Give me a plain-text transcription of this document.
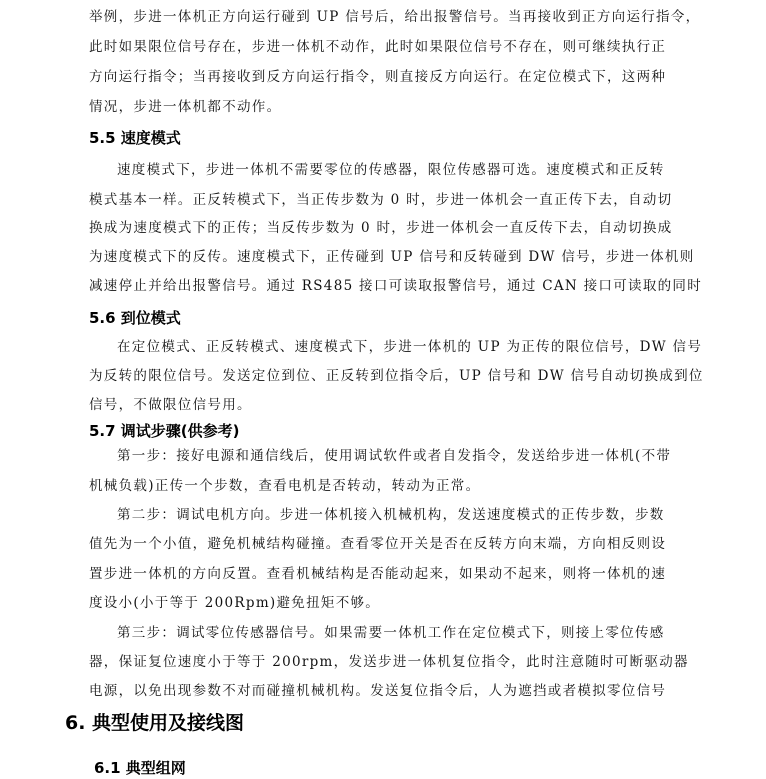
举例，步进一体机正方向运行碰到 UP 信号后，给出报警信号。当再接收到正方向运行指令，
此时如果限位信号存在，步进一体机不动作，此时如果限位信号不存在，则可继续执行正
方向运行指令；当再接收到反方向运行指令，则直接反方向运行。在定位模式下，这两种
情况，步进一体机都不动作。
5.5 速度模式
速度模式下，步进一体机不需要零位的传感器，限位传感器可选。速度模式和正反转
模式基本一样。正反转模式下，当正传步数为 0 时，步进一体机会一直正传下去，自动切
换成为速度模式下的正传；当反传步数为 0 时，步进一体机会一直反传下去，自动切换成
为速度模式下的反传。速度模式下，正传碰到 UP 信号和反转碰到 DW 信号，步进一体机则
减速停止并给出报警信号。通过 RS485 接口可读取报警信号，通过 CAN 接口可读取的同时
5.6 到位模式
在定位模式、正反转模式、速度模式下，步进一体机的 UP 为正传的限位信号，DW 信号
为反转的限位信号。发送定位到位、正反转到位指令后，UP 信号和 DW 信号自动切换成到位
信号，不做限位信号用。
5.7 调试步骤(供参考)
第一步：接好电源和通信线后，使用调试软件或者自发指令，发送给步进一体机(不带
机械负载)正传一个步数，查看电机是否转动，转动为正常。
第二步：调试电机方向。步进一体机接入机械机构，发送速度模式的正传步数，步数
值先为一个小值，避免机械结构碰撞。查看零位开关是否在反转方向末端，方向相反则设
置步进一体机的方向反置。查看机械结构是否能动起来，如果动不起来，则将一体机的速
度设小(小于等于 200Rpm)避免扭矩不够。
第三步：调试零位传感器信号。如果需要一体机工作在定位模式下，则接上零位传感
器，保证复位速度小于等于 200rpm，发送步进一体机复位指令，此时注意随时可断驱动器
电源，以免出现参数不对而碰撞机械机构。发送复位指令后，人为遮挡或者模拟零位信号
6. 典型使用及接线图
6.1 典型组网
